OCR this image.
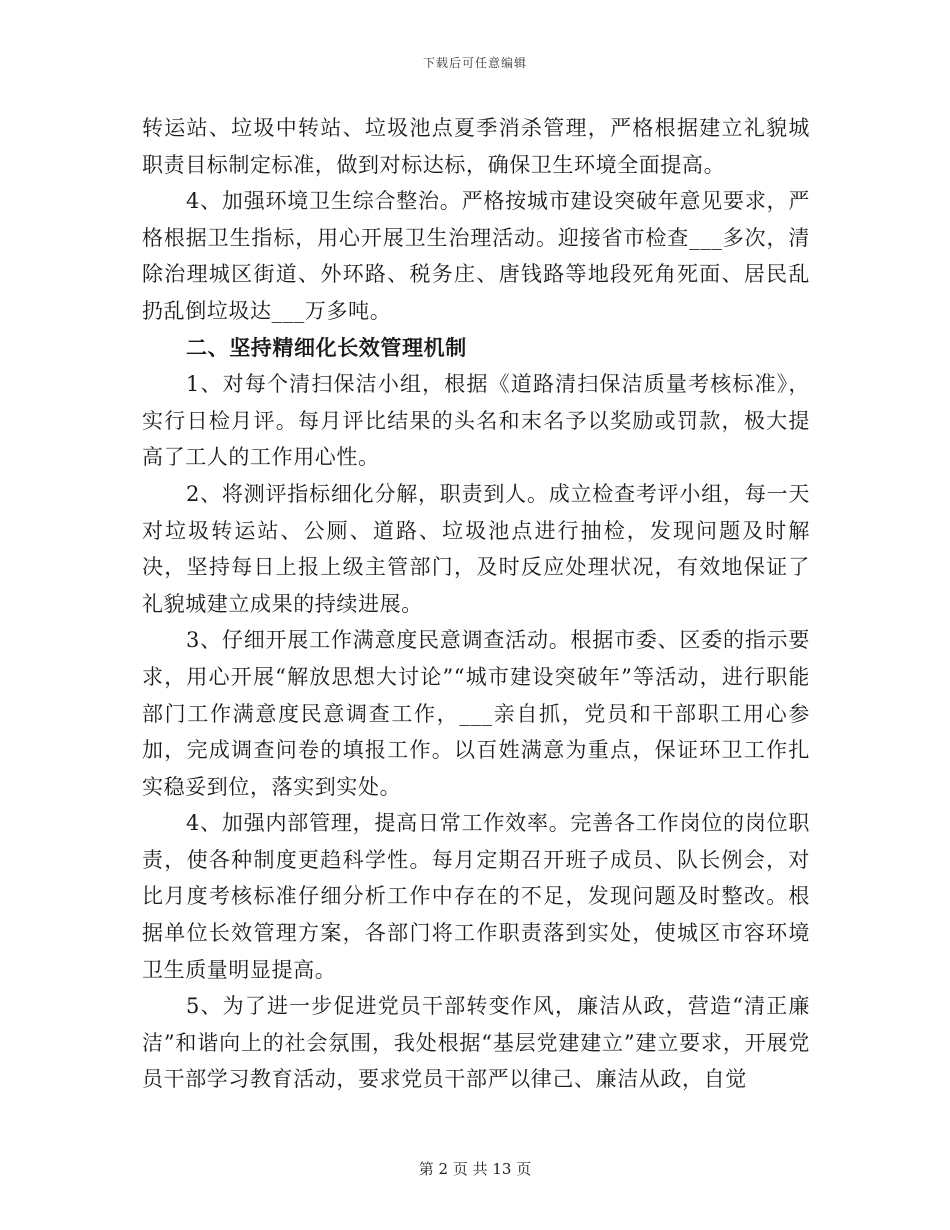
下载后可任意编辑

转运站、垃圾中转站、垃圾池点夏季消杀管理，严格根据建立礼貌城职责目标制定标准，做到对标达标，确保卫生环境全面提高。

4、加强环境卫生综合整治。严格按城市建设突破年意见要求，严格根据卫生指标，用心开展卫生治理活动。迎接省市检查___多次，清除治理城区街道、外环路、税务庄、唐钱路等地段死角死面、居民乱扔乱倒垃圾达___万多吨。

二、坚持精细化长效管理机制

1、对每个清扫保洁小组，根据《道路清扫保洁质量考核标准》，实行日检月评。每月评比结果的头名和末名予以奖励或罚款，极大提高了工人的工作用心性。

2、将测评指标细化分解，职责到人。成立检查考评小组，每一天对垃圾转运站、公厕、道路、垃圾池点进行抽检，发现问题及时解决，坚持每日上报上级主管部门，及时反应处理状况，有效地保证了礼貌城建立成果的持续进展。

3、仔细开展工作满意度民意调查活动。根据市委、区委的指示要求，用心开展“解放思想大讨论”“城市建设突破年”等活动，进行职能部门工作满意度民意调查工作，___亲自抓，党员和干部职工用心参加，完成调查问卷的填报工作。以百姓满意为重点，保证环卫工作扎实稳妥到位，落实到实处。

4、加强内部管理，提高日常工作效率。完善各工作岗位的岗位职责，使各种制度更趋科学性。每月定期召开班子成员、队长例会，对比月度考核标准仔细分析工作中存在的不足，发现问题及时整改。根据单位长效管理方案，各部门将工作职责落到实处，使城区市容环境卫生质量明显提高。

5、为了进一步促进党员干部转变作风，廉洁从政，营造“清正廉洁”和谐向上的社会氛围，我处根据“基层党建建立”建立要求，开展党员干部学习教育活动，要求党员干部严以律己、廉洁从政，自觉

第 2 页 共 13 页
